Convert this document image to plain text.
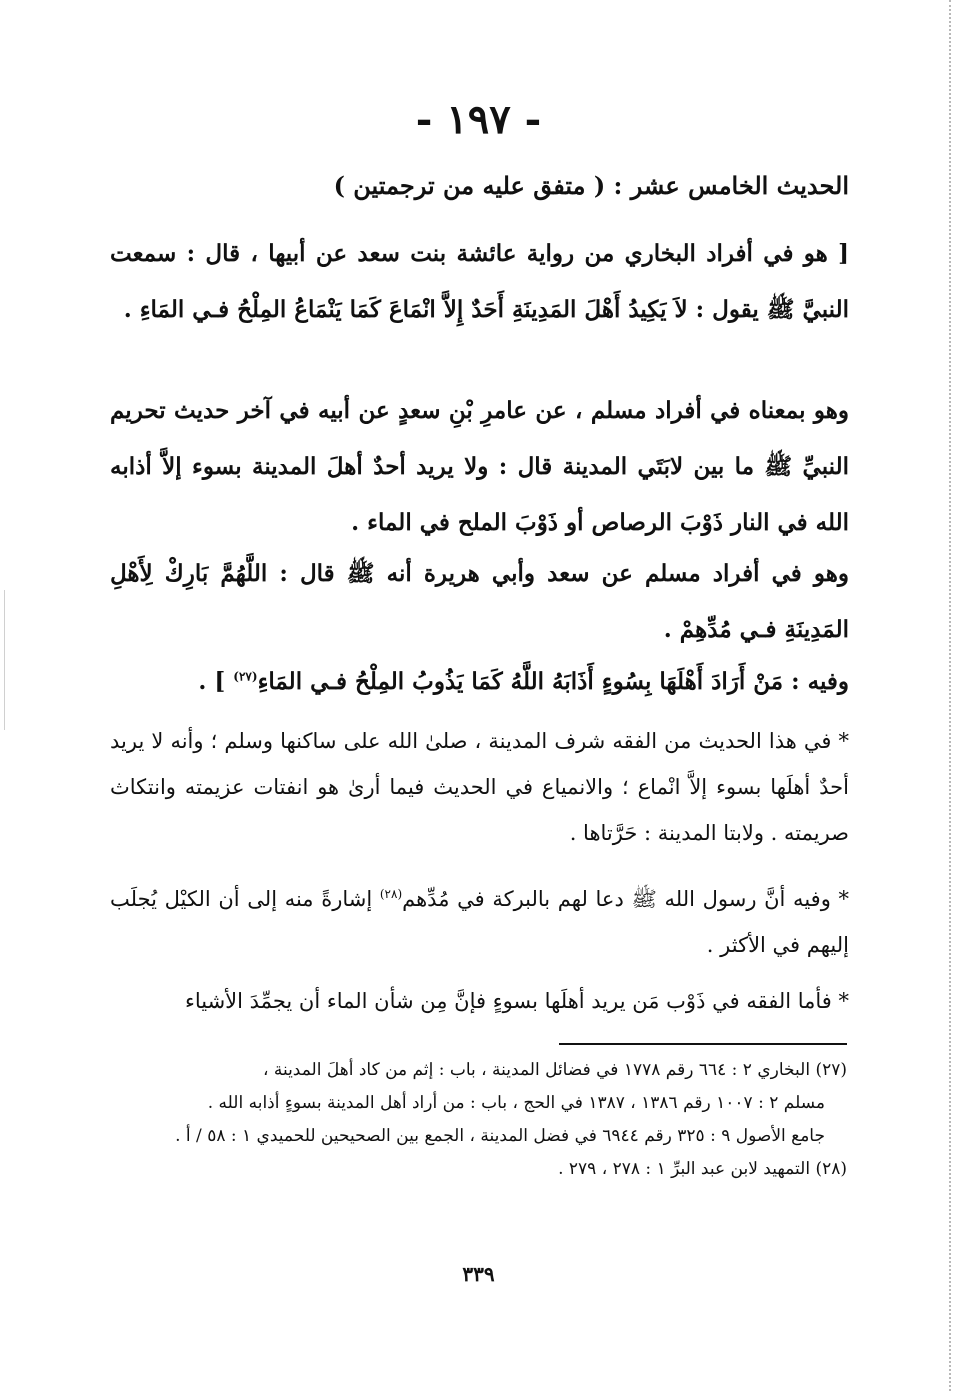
- ١٩٧ -

الحديث الخامس عشر : ( متفق عليه من ترجمتين )

[ هو في أفراد البخاري من رواية عائشة بنت سعد عن أبيها ، قال : سمعت النبيَّ ﷺ يقول : لاَ يَكِيدُ أَهْلَ المَدِينَةِ أَحَدٌ إِلاَّ انْمَاعَ كَمَا يَنْمَاعُ المِلْحُ فـي المَاءِ .

وهو بمعناه في أفراد مسلم ، عن عامرِ بْنِ سعدٍ عن أبيه في آخر حديث تحريم النبيِّ ﷺ ما بين لابَتَي المدينة قال : ولا يريد أحدٌ أهلَ المدينة بسوء إلاَّ أذابه الله في النار ذَوْبَ الرصاص أو ذَوْبَ الملح في الماء .

وهو في أفراد مسلم عن سعد وأبي هريرة أنه ﷺ قال : اللَّهُمَّ بَارِكْ لِأَهْلِ المَدِينَةِ فـي مُدِّهِمْ .

وفيه : مَنْ أَرَادَ أَهْلَهَا بِسُوءٍ أَذَابَهُ اللَّهُ كَمَا يَذُوبُ المِلْحُ فـي المَاءِ$^{(٢٧)}$ ] .

* في هذا الحديث من الفقه شرف المدينة ، صلىٰ الله على ساكنها وسلم ؛ وأنه لا يريد أحدٌ أهلَها بسوء إلاَّ انْماع ؛ والانمياع في الحديث فيما أرىٰ هو انفتات عزيمته وانتكاث صريمته . ولابتا المدينة : حَرَّتاها .

* وفيه أنَّ رسول الله ﷺ دعا لهم بالبركة في مُدِّهم$^{(٢٨)}$ إشارةً منه إلى أن الكيْل يُجلَب إليهم في الأكثر .

* فأما الفقه في ذَوْب مَن يريد أهلَها بسوءٍ فإنَّ مِن شأن الماء أن يجمِّدَ الأشياء

(٢٧) البخاري ٢ : ٦٦٤ رقم ١٧٧٨ في فضائل المدينة ، باب : إثم من كاد أهلَ المدينة ،
مسلم ٢ : ١٠٠٧ رقم ١٣٨٦ ، ١٣٨٧ في الحج ، باب : من أراد أهل المدينة بسوءٍ أذابه الله .
جامع الأصول ٩ : ٣٢٥ رقم ٦٩٤٤ في فضل المدينة ، الجمع بين الصحيحين للحميدي ١ : ٥٨ / أ .

(٢٨) التمهيد لابن عبد البرِّ ١ : ٢٧٨ ، ٢٧٩ .

٣٣٩
